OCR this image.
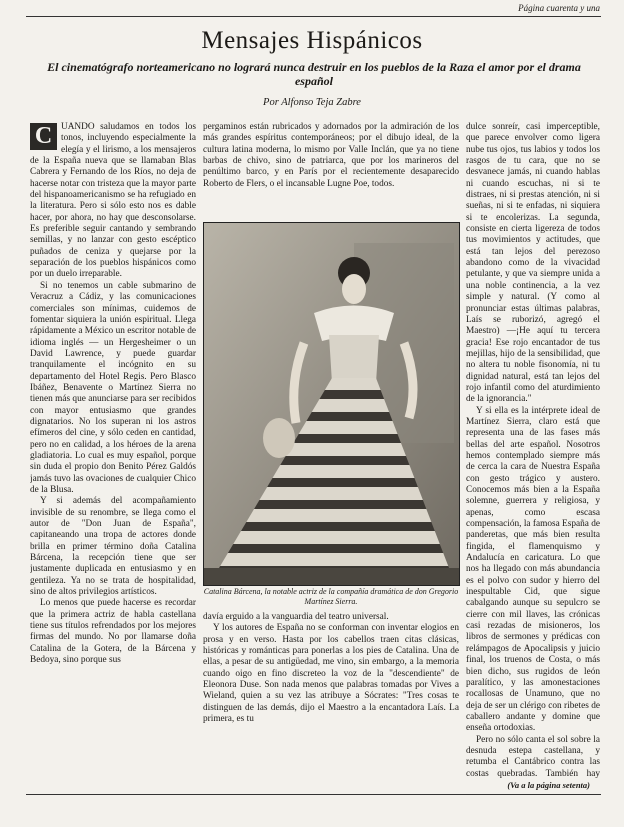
Página cuarenta y una
Mensajes Hispánicos
El cinematógrafo norteamericano no logrará nunca destruir en los pueblos de la Raza el amor por el drama español
Por Alfonso Teja Zabre
C UANDO saludamos en todos los tonos, incluyendo especialmente la elegía y el lirismo, a los mensajeros de la España nueva que se llamaban Blas Cabrera y Fernando de los Ríos, no deja de hacerse notar con tristeza que la mayor parte del hispanoamericanismo se ha refugiado en la literatura. Pero si sólo esto nos es dable hacer, por ahora, no hay que desconsolarse. Es preferible seguir cantando y sembrando semillas, y no lanzar con gesto escéptico puñados de ceniza y quejarse por la separación de los pueblos hispánicos como por un duelo irreparable.

Si no tenemos un cable submarino de Veracruz a Cádiz, y las comunicaciones comerciales son mínimas, cuidemos de fomentar siquiera la unión espiritual. Llega rápidamente a México un escritor notable de idioma inglés — un Hergesheimer o un David Lawrence, y puede guardar tranquilamente el incógnito en su departamento del Hotel Regis. Pero Blasco Ibáñez, Benavente o Martínez Sierra no tienen más que anunciarse para ser recibidos con mayor entusiasmo que grandes dignatarios. No los superan ni los astros efímeros del cine, y sólo ceden en cantidad, pero no en calidad, a los héroes de la arena gladiatoria. Lo cual es muy español, porque sin duda el propio don Benito Pérez Galdós jamás tuvo las ovaciones de cualquier Chico de la Blusa.

Y si además del acompañamiento invisible de su renombre, se llega como el autor de "Don Juan de España", capitaneando una tropa de actores donde brilla en primer término doña Catalina Bárcena, la recepción tiene que ser justamente duplicada en entusiasmo y en gentileza. Ya no se trata de hospitalidad, sino de altos privilegios artísticos.

Lo menos que puede hacerse es recordar que la primera actriz de habla castellana tiene sus títulos refrendados por los mejores firmas del mundo. No por llamarse doña Catalina de la Gotera, de la Bárcena y Bedoya, sino porque sus

pergaminos están rubricados y adornados por la admiración de los más grandes espíritus contemporáneos; por el dibujo ideal, de la cultura latina moderna, lo mismo por Valle Inclán, que ya no tiene barbas de chivo, sino de patriarca, que por los marineros del penúltimo barco, y en París por el recientemente desaparecido Roberto de Flers, o el incansable Lugne Poe, todos.

Catalina Bárcena, la notable actriz de la compañía dramática de don Gregorio Martínez Sierra.

davía erguido a la vanguardia del teatro universal.

Y los autores de España no se conforman con inventar elogios en prosa y en verso. Hasta por los cabellos traen citas clásicas, históricas y románticas para ponerlas a los pies de Catalina. Una de ellas, a pesar de su antigüedad, me vino, sin embargo, a la memoria cuando oigo en fino discreteo la voz de la "descendiente" de Eleonora Duse. Son nada menos que palabras tomadas por Vives a Wieland, quien a su vez las atribuye a Sócrates: "Tres cosas te distinguen de las demás, dijo el Maestro a la encantadora Laís. La primera, es tu

dulce sonreír, casi imperceptible, que parece envolver como ligera nube tus ojos, tus labios y todos los rasgos de tu cara, que no se desvanece jamás, ni cuando hablas ni cuando escuchas, ni si te distraes, ni si prestas atención, ni si sueñas, ni si te enfadas, ni siquiera si te encolerizas. La segunda, consiste en cierta ligereza de todos tus movimientos y actitudes, que está tan lejos del perezoso abandono como de la vivacidad petulante, y que va siempre unida a una noble continencia, a la vez simple y natural. (Y como al pronunciar estas últimas palabras, Laís se ruborizó, agregó el Maestro) —¡He aquí tu tercera gracia! Ese rojo encantador de tus mejillas, hijo de la sensibilidad, que no altera tu noble fisonomía, ni tu dignidad natural, está tan lejos del rojo infantil como del aturdimiento de la ignorancia."

Y si ella es la intérprete ideal de Martínez Sierra, claro está que representa una de las fases más bellas del arte español. Nosotros hemos contemplado siempre más de cerca la cara de Nuestra España con gesto trágico y austero. Conocemos más bien a la España solemne, guerrera y religiosa, y apenas, como escasa compensación, la famosa España de panderetas, que más bien resulta fingida, el flamenquismo y Andalucía en caricatura. Lo que nos ha llegado con más abundancia es el polvo con sudor y hierro del inespultable Cid, que sigue cabalgando aunque su sepulcro se cierre con mil llaves, las crónicas casi rezadas de misioneros, los libros de sermones y prédicas con relámpagos de Apocalipsis y juicio final, los truenos de Costa, o más bien dicho, sus rugidos de león paralítico, y las amonestaciones rocallosas de Unamuno, que no deja de ser un clérigo con ribetes de caballero andante y domine que enseña ortodoxias.

Pero no sólo canta el sol sobre la desnuda estepa castellana, y retumba el Cantábrico contra las costas quebradas. También hay

(Va a la página setenta)
